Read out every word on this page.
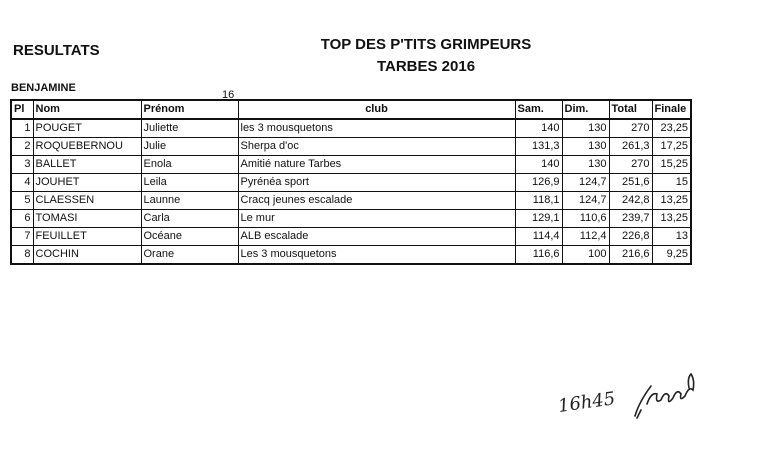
RESULTATS	TOP DES P'TITS GRIMPEURS
TARBES 2016
BENJAMINE
16
Pl	Nom	Prénom	club	Sam.	Dim.	Total	Finale
1	POUGET	Juliette	les 3 mousquetons	140	130	270	23,25
2	ROQUEBERNOU	Julie	Sherpa d'oc	131,3	130	261,3	17,25
3	BALLET	Enola	Amitié nature Tarbes	140	130	270	15,25
4	JOUHET	Leila	Pyrénéa sport	126,9	124,7	251,6	15
5	CLAESSEN	Launne	Cracq jeunes escalade	118,1	124,7	242,8	13,25
6	TOMASI	Carla	Le mur	129,1	110,6	239,7	13,25
7	FEUILLET	Océane	ALB escalade	114,4	112,4	226,8	13
8	COCHIN	Orane	Les 3 mousquetons	116,6	100	216,6	9,25
16h45
